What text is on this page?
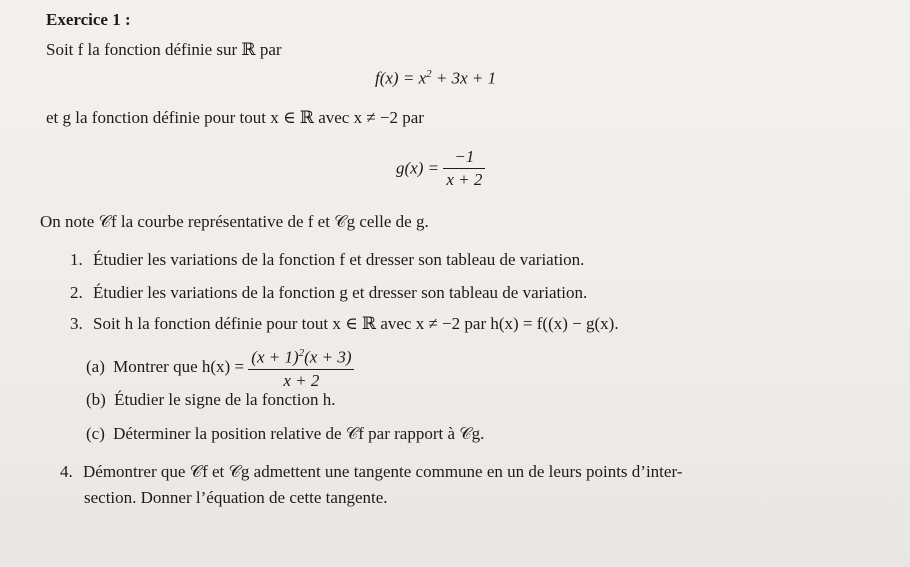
Exercice 1 :
Soit f la fonction définie sur ℝ par
$f(x) = x^2 + 3x + 1$
et g la fonction définie pour tout x ∈ ℝ avec x ≠ −2 par
$g(x) = \frac{-1}{x + 2}$
On note 𝒞f la courbe représentative de f et 𝒞g celle de g.
1. Étudier les variations de la fonction f et dresser son tableau de variation.
2. Étudier les variations de la fonction g et dresser son tableau de variation.
3. Soit h la fonction définie pour tout x ∈ ℝ avec x ≠ −2 par h(x) = f((x) − g(x).
(a) Montrer que $h(x) = \frac{(x + 1)^2(x + 3)}{x + 2}$
(b) Étudier le signe de la fonction h.
(c) Déterminer la position relative de 𝒞f par rapport à 𝒞g.
4. Démontrer que 𝒞f et 𝒞g admettent une tangente commune en un de leurs points d’inter-
section. Donner l’équation de cette tangente.
